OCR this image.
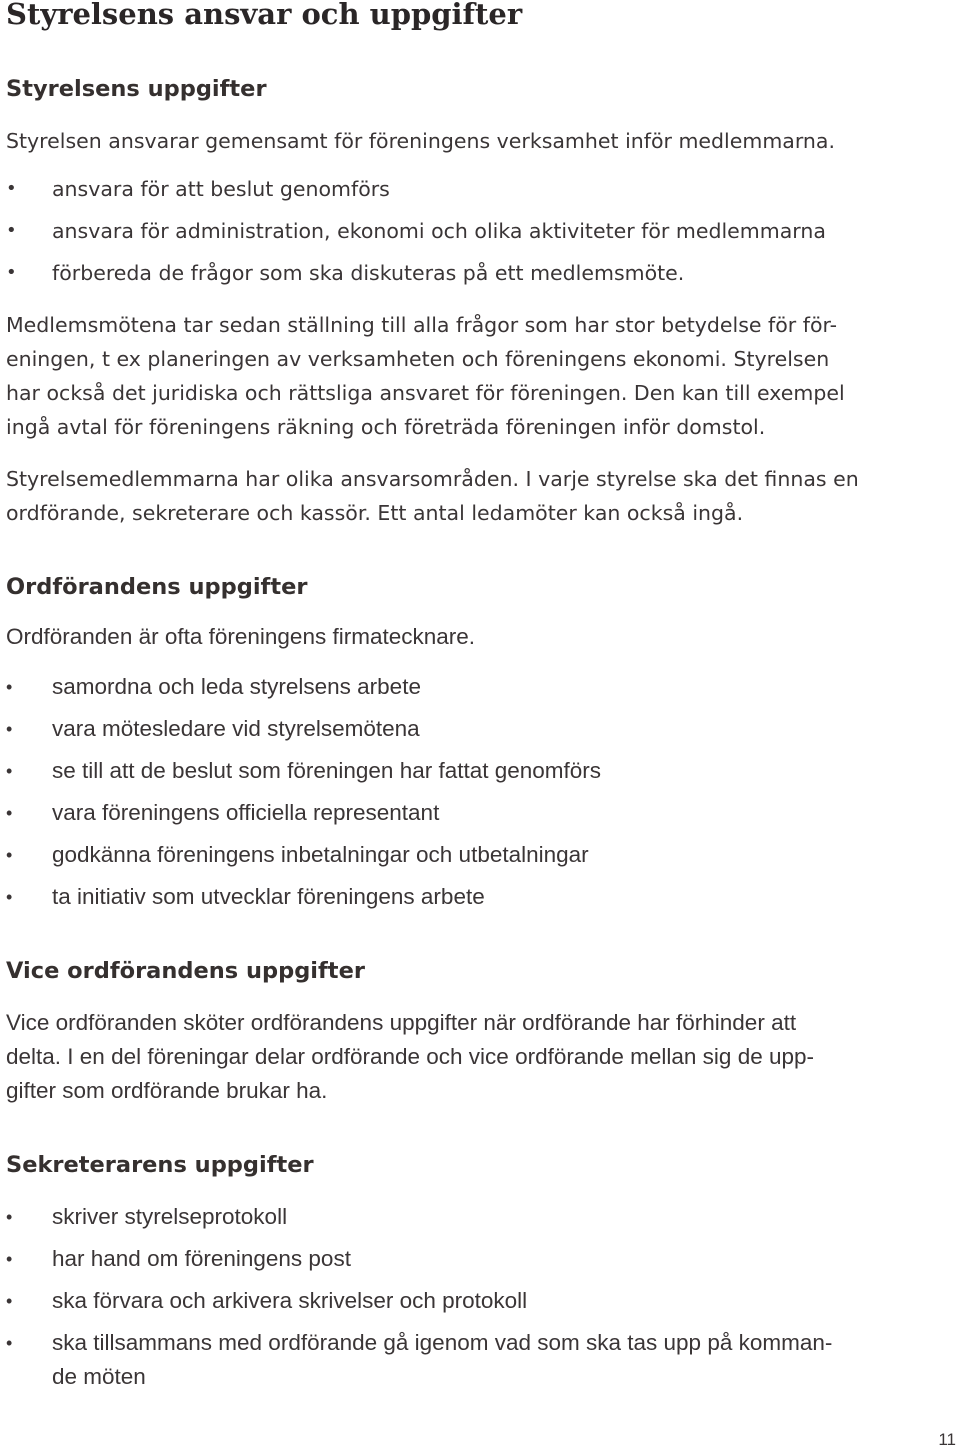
Styrelsens ansvar och uppgifter
Styrelsens uppgifter

Styrelsen ansvarar gemensamt för föreningens verksamhet inför medlemmarna.

• ansvara för att beslut genomförs
• ansvara för administration, ekonomi och olika aktiviteter för medlemmarna
• förbereda de frågor som ska diskuteras på ett medlemsmöte.

Medlemsmötena tar sedan ställning till alla frågor som har stor betydelse för för-

eningen, t ex planeringen av verksamheten och föreningens ekonomi. Styrelsen

har också det juridiska och rättsliga ansvaret för föreningen. Den kan till exempel

ingå avtal för föreningens räkning och företräda föreningen inför domstol.

Styrelsemedlemmarna har olika ansvarsområden. I varje styrelse ska det finnas en

ordförande, sekreterare och kassör. Ett antal ledamöter kan också ingå.

Ordförandens uppgifter

Ordföranden är ofta föreningens firmatecknare.

•	samordna och leda styrelsens arbete
•	vara mötesledare vid styrelsemötena
•	se till att de beslut som föreningen har fattat genomförs
•	vara föreningens officiella representant
•	godkänna föreningens inbetalningar och utbetalningar
•	ta initiativ som utvecklar föreningens arbete
Vice ordförandens uppgifter

Vice ordföranden sköter ordförandens uppgifter när ordförande har förhinder att

delta. I en del föreningar delar ordförande och vice ordförande mellan sig de upp-

gifter som ordförande brukar ha.

Sekreterarens uppgifter
•	skriver styrelseprotokoll
•	har hand om föreningens post
•	ska förvara och arkivera skrivelser och protokoll
•	ska tillsammans med ordförande gå igenom vad som ska tas upp på komman-
de möten
11
